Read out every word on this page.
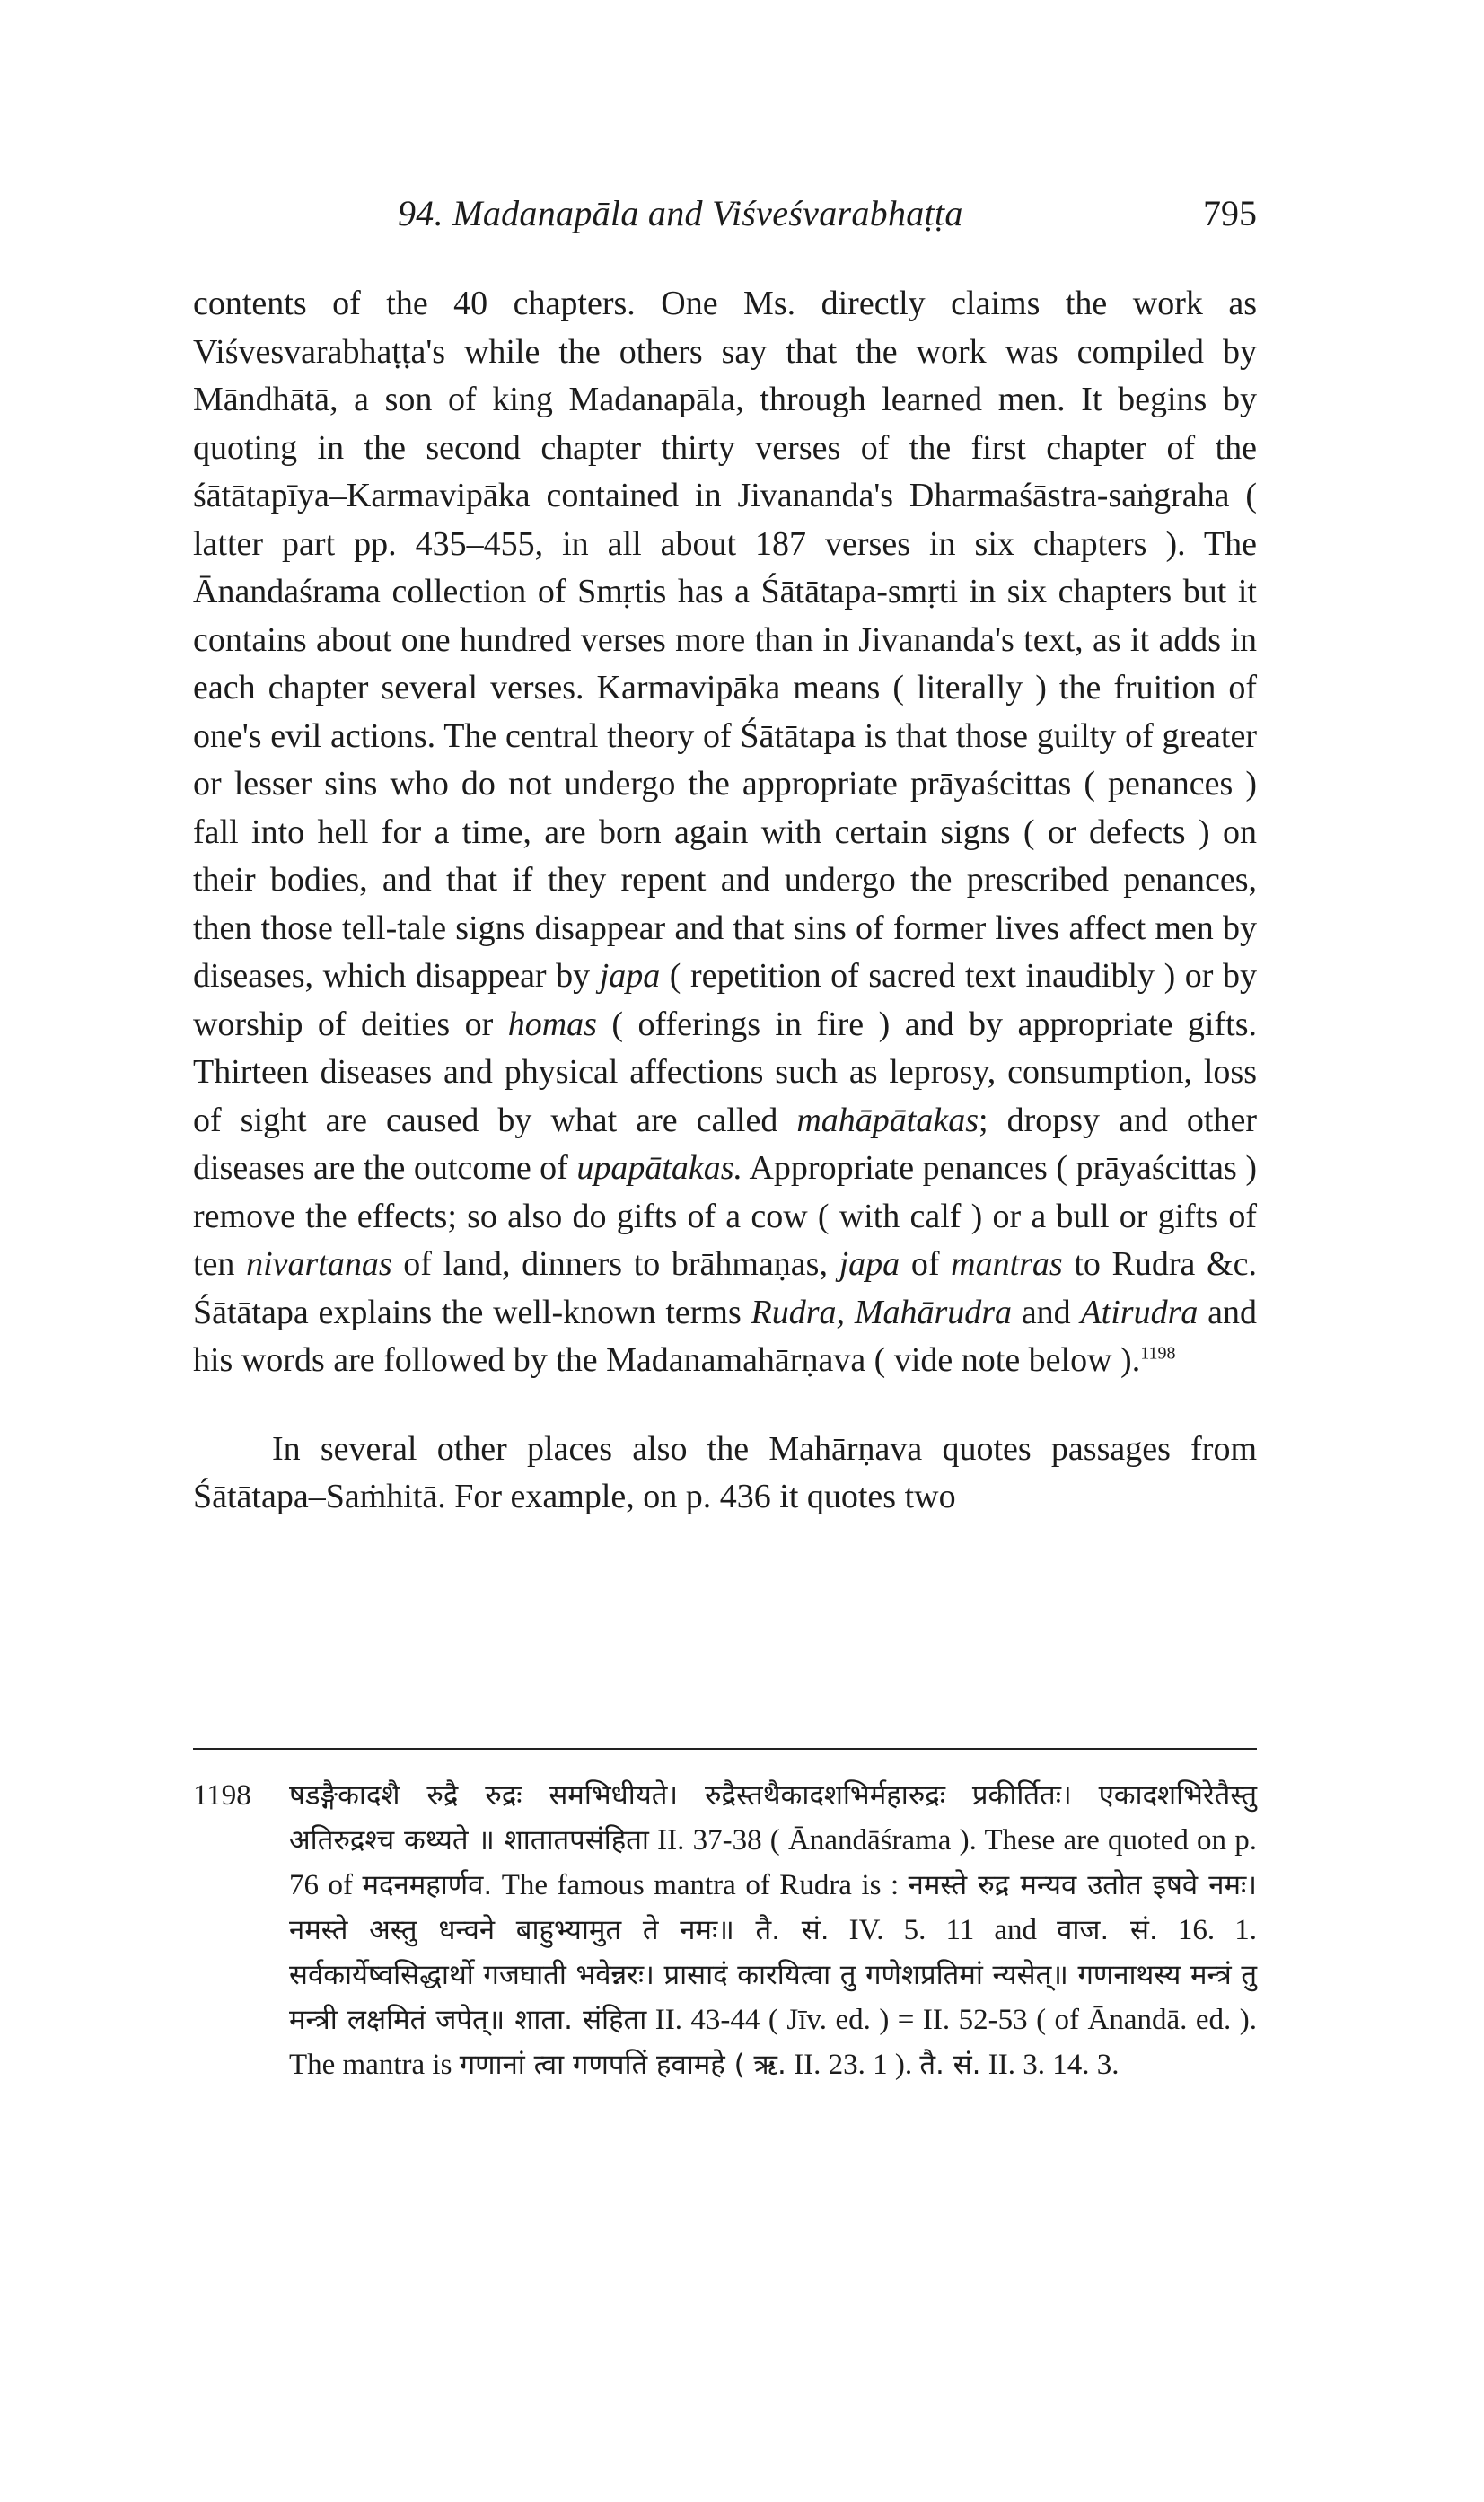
94. Madanapāla and Viśveśvarabhaṭṭa	795

contents of the 40 chapters. One Ms. directly claims the work as Viśvesvarabhaṭṭa's while the others say that the work was compiled by Māndhātā, a son of king Madanapāla, through learned men. It begins by quoting in the second chapter thirty verses of the first chapter of the śātātapīya–Karmavipāka contained in Jivananda's Dharmaśāstra-saṅgraha ( latter part pp. 435–455, in all about 187 verses in six chapters ). The Ānandaśrama collection of Smṛtis has a Śātātapa-smṛti in six chapters but it contains about one hundred verses more than in Jivananda's text, as it adds in each chapter several verses. Karmavipāka means ( literally ) the fruition of one's evil actions. The central theory of Śātātapa is that those guilty of greater or lesser sins who do not undergo the appropriate prāyaścittas ( penances ) fall into hell for a time, are born again with certain signs ( or defects ) on their bodies, and that if they repent and undergo the prescribed penances, then those tell-tale signs disappear and that sins of former lives affect men by diseases, which disappear by japa ( repetition of sacred text inaudibly ) or by worship of deities or homas ( offerings in fire ) and by appropriate gifts. Thirteen diseases and physical affections such as leprosy, consumption, loss of sight are caused by what are called mahāpātakas; dropsy and other diseases are the outcome of upapātakas. Appropriate penances ( prāyaścittas ) remove the effects; so also do gifts of a cow ( with calf ) or a bull or gifts of ten nivartanas of land, dinners to brāhmaṇas, japa of mantras to Rudra &c. Śātātapa explains the well-known terms Rudra, Mahārudra and Atirudra and his words are followed by the Madanamahārṇava ( vide note below ).$^{1198}$

In several other places also the Mahārṇava quotes passages from Śātātapa–Saṁhitā. For example, on p. 436 it quotes two

1198 षडङ्गैकादशै रुद्रै रुद्रः समभिधीयते। रुद्रैस्तथैकादशभिर्महारुद्रः प्रकीर्तितः। एकादशभिरेतैस्तु अतिरुद्रश्च कथ्यते ॥ शातातपसंहिता II. 37-38 ( Ānandāśrama ). These are quoted on p. 76 of मदनमहार्णव. The famous mantra of Rudra is : नमस्ते रुद्र मन्यव उतोत इषवे नमः। नमस्ते अस्तु धन्वने बाहुभ्यामुत ते नमः॥ तै. सं. IV. 5. 11 and वाज. सं. 16. 1. सर्वकार्येष्वसिद्धार्थो गजघाती भवेन्नरः। प्रासादं कारयित्वा तु गणेशप्रतिमां न्यसेत्॥ गणनाथस्य मन्त्रं तु मन्त्री लक्षमितं जपेत्॥ शाता. संहिता II. 43-44 ( Jīv. ed. ) = II. 52-53 ( of Ānandā. ed. ). The mantra is गणानां त्वा गणपतिं हवामहे ( ऋ. II. 23. 1 ). तै. सं. II. 3. 14. 3.
